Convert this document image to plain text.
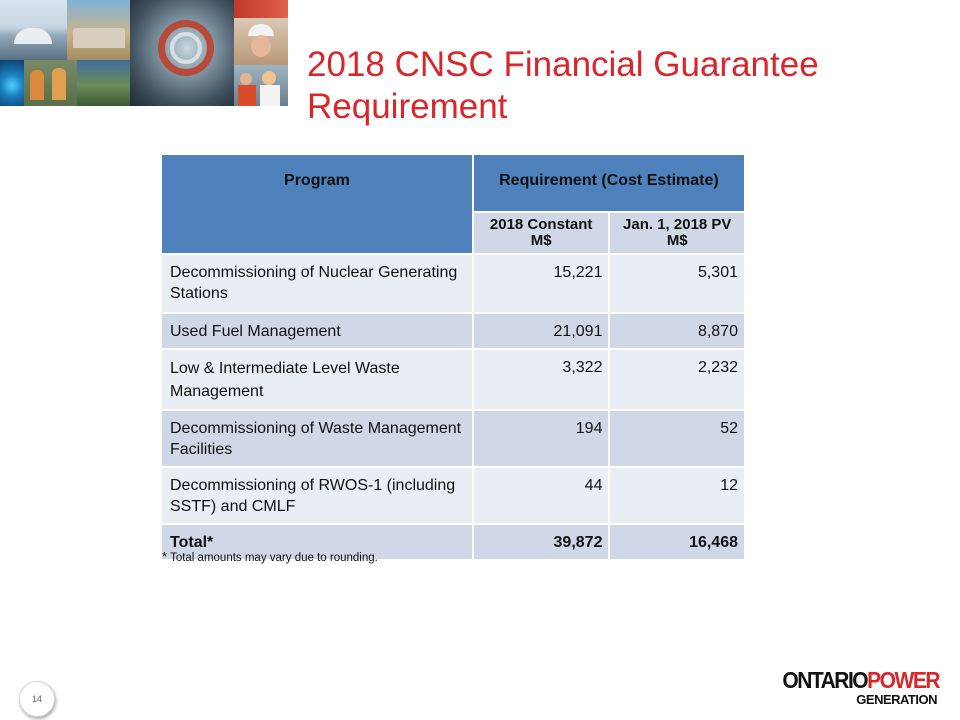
2018 CNSC Financial Guarantee Requirement
Program	Requirement (Cost Estimate)	
	2018 Constant M$	Jan. 1, 2018 PV M$
Decommissioning of Nuclear Generating Stations	15,221	5,301
Used Fuel Management	21,091	8,870
Low & Intermediate Level Waste Management	3,322	2,232
Decommissioning of Waste Management Facilities	194	52
Decommissioning of RWOS-1 (including SSTF) and CMLF	44	12
Total*	39,872	16,468
* Total amounts may vary due to rounding.
14
ONTARIOPOWER
GENERATION
